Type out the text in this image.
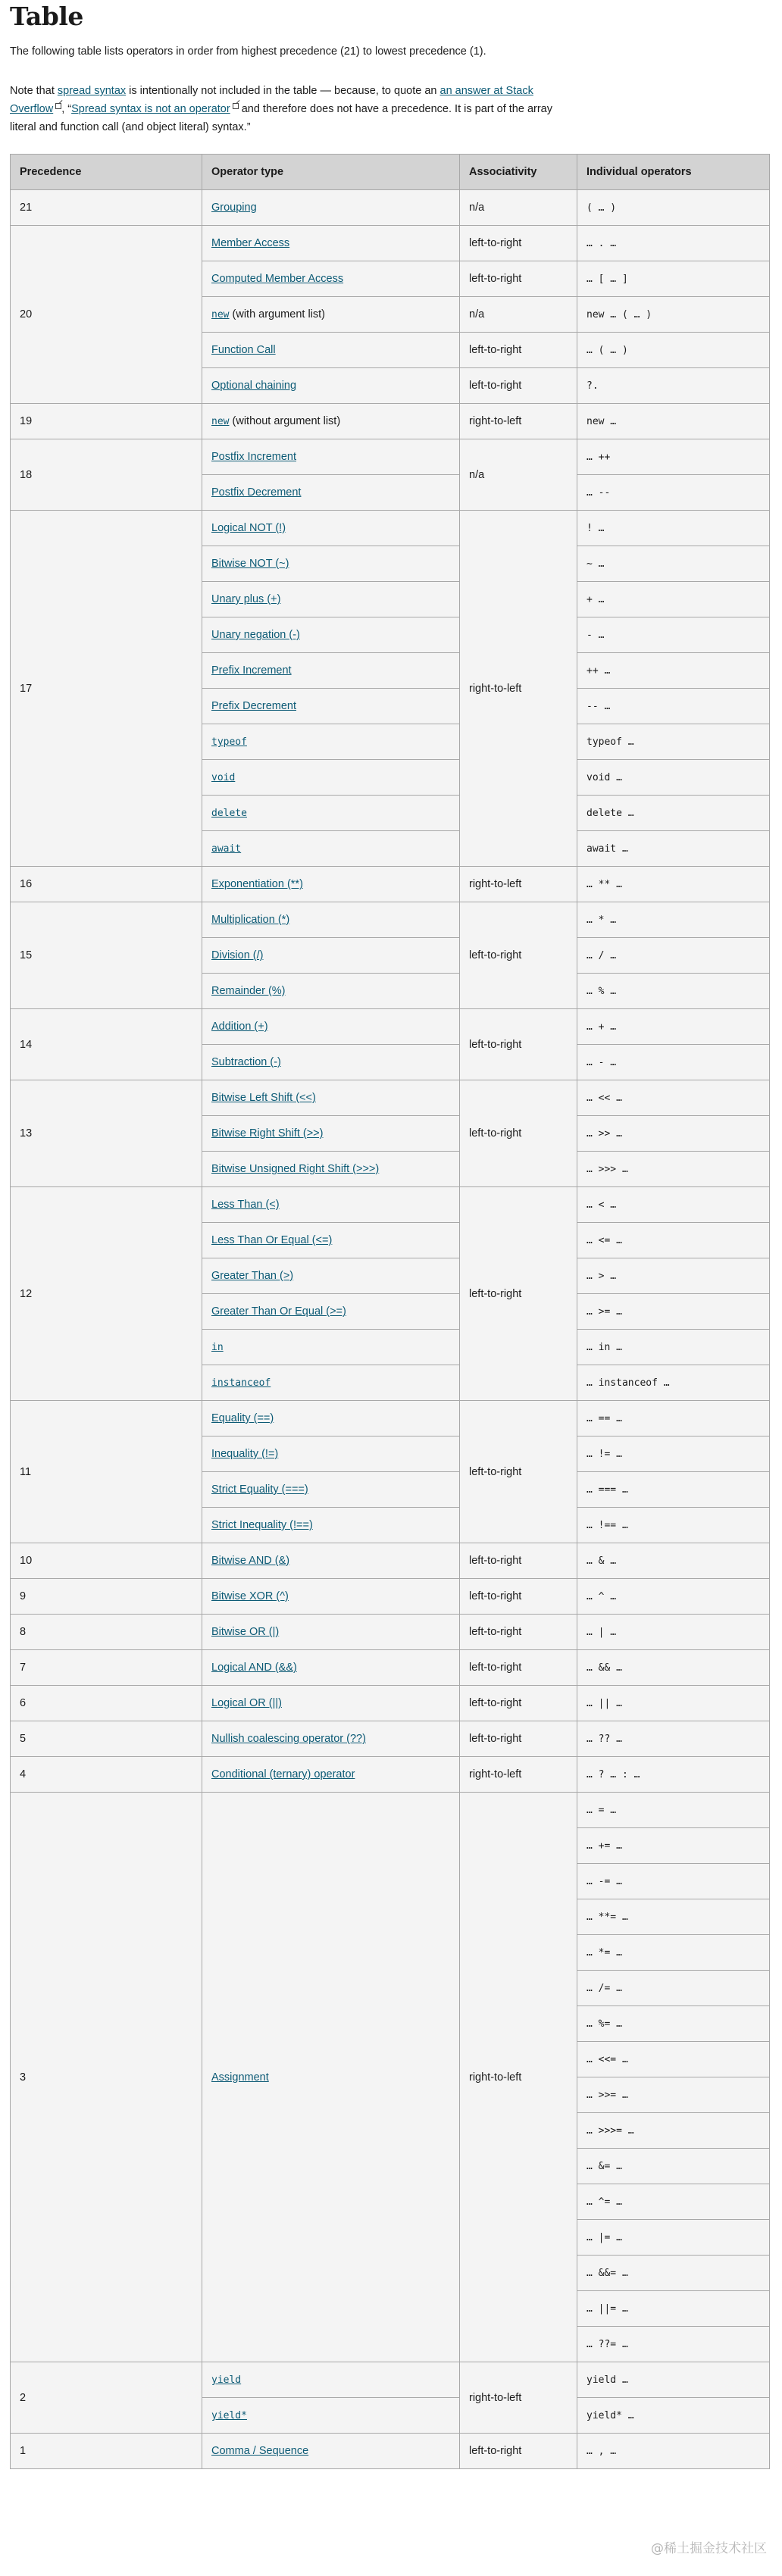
Table

The following table lists operators in order from highest precedence (21) to lowest precedence (1).

Note that spread syntax is intentionally not included in the table — because, to quote an an answer at Stack Overflow , “Spread syntax is not an operator and therefore does not have a precedence. It is part of the array literal and function call (and object literal) syntax.”

Precedence	Operator type	Associativity	Individual operators
21	Grouping	n/a	( … )
20	Member Access	left-to-right	… . …
	Computed Member Access	left-to-right	… [ … ]
	new (with argument list)	n/a	new … ( … )
	Function Call	left-to-right	… ( … )
	Optional chaining	left-to-right	?.
19	new (without argument list)	right-to-left	new …
18	Postfix Increment	n/a	… ++
	Postfix Decrement		… --
17	Logical NOT (!)	right-to-left	! …
	Bitwise NOT (~)		~ …
	Unary plus (+)		+ …
	Unary negation (-)		- …
	Prefix Increment		++ …
	Prefix Decrement		-- …
	typeof		typeof …
	void		void …
	delete		delete …
	await		await …
16	Exponentiation (**)	right-to-left	… ** …
15	Multiplication (*)	left-to-right	… * …
	Division (/)		… / …
	Remainder (%)		… % …
14	Addition (+)	left-to-right	… + …
	Subtraction (-)		… - …
13	Bitwise Left Shift (<<)	left-to-right	… << …
	Bitwise Right Shift (>>)		… >> …
	Bitwise Unsigned Right Shift (>>>)		… >>> …
12	Less Than (<)	left-to-right	… < …
	Less Than Or Equal (<=)		… <= …
	Greater Than (>)		… > …
	Greater Than Or Equal (>=)		… >= …
	in		… in …
	instanceof		… instanceof …
11	Equality (==)	left-to-right	… == …
	Inequality (!=)		… != …
	Strict Equality (===)		… === …
	Strict Inequality (!==)		… !== …
10	Bitwise AND (&)	left-to-right	… & …
9	Bitwise XOR (^)	left-to-right	… ^ …
8	Bitwise OR (|)	left-to-right	… | …
7	Logical AND (&&)	left-to-right	… && …
6	Logical OR (||)	left-to-right	… || …
5	Nullish coalescing operator (??)	left-to-right	… ?? …
4	Conditional (ternary) operator	right-to-left	… ? … : …
3	Assignment	right-to-left	… = …
			… += …
			… -= …
			… **= …
			… *= …
			… /= …
			… %= …
			… <<= …
			… >>= …
			… >>>= …
			… &= …
			… ^= …
			… |= …
			… &&= …
			… ||= …
			… ??= …
2	yield	right-to-left	yield …
	yield*		yield* …
1	Comma / Sequence	left-to-right	… , …
@稀土掘金技术社区
